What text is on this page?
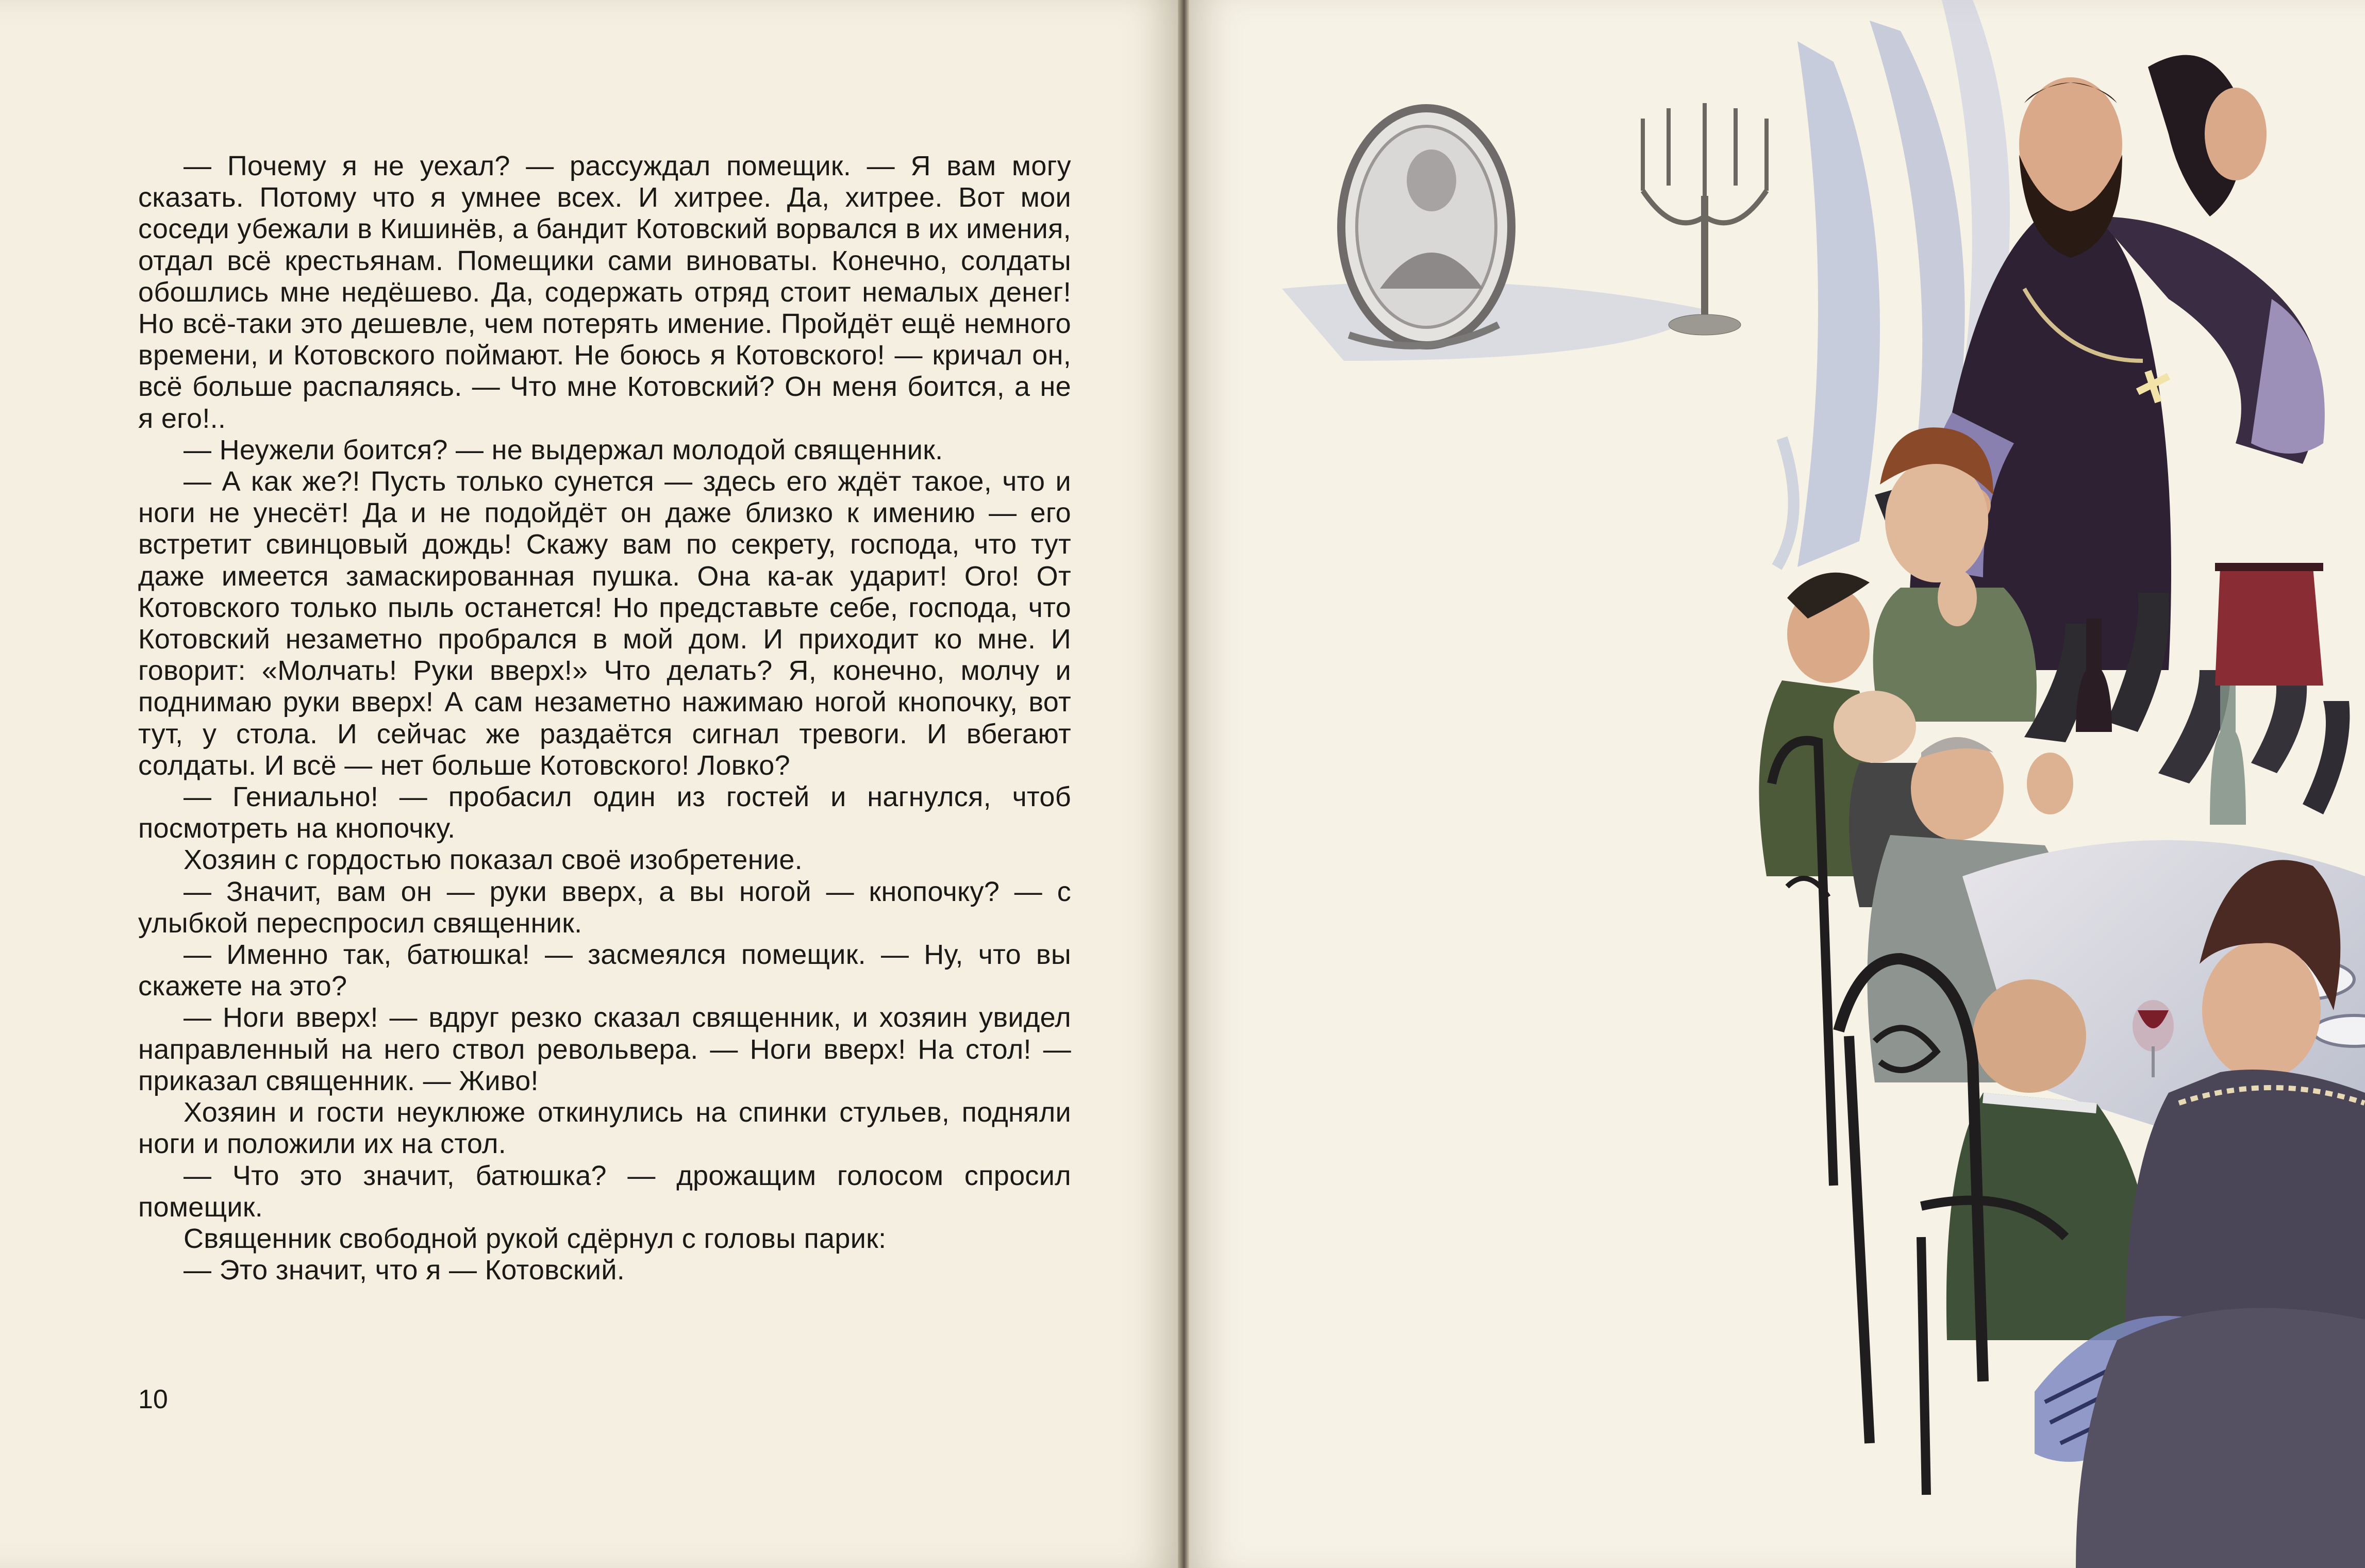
— Почему я не уехал? — рассуждал помещик. — Я вам могу сказать. Потому что я умнее всех. И хитрее. Да, хитрее. Вот мои соседи убежали в Кишинёв, а бандит Котовский ворвался в их имения, отдал всё крестьянам. Помещики сами виноваты. Конечно, солдаты обошлись мне недёшево. Да, содержать отряд стоит немалых денег! Но всё-таки это дешевле, чем потерять имение. Пройдёт ещё немного времени, и Котовского поймают. Не боюсь я Котовского! — кричал он, всё больше распаляясь. — Что мне Котовский? Он меня боится, а не я его!..

— Неужели боится? — не выдержал молодой священник.

— А как же?! Пусть только сунется — здесь его ждёт такое, что и ноги не унесёт! Да и не подойдёт он даже близко к имению — его встретит свинцовый дождь! Скажу вам по секрету, господа, что тут даже имеется замаскированная пушка. Она ка-ак ударит! Ого! От Котовского только пыль останется! Но представьте себе, господа, что Котовский незаметно пробрался в мой дом. И приходит ко мне. И говорит: «Молчать! Руки вверх!» Что делать? Я, конечно, молчу и поднимаю руки вверх! А сам незаметно нажимаю ногой кнопочку, вот тут, у стола. И сейчас же раздаётся сигнал тревоги. И вбегают солдаты. И всё — нет больше Котовского! Ловко?

— Гениально! — пробасил один из гостей и нагнулся, чтоб посмотреть на кнопочку.

Хозяин с гордостью показал своё изобретение.

— Значит, вам он — руки вверх, а вы ногой — кнопочку? — с улыбкой переспросил священник.

— Именно так, батюшка! — засмеялся помещик. — Ну, что вы скажете на это?

— Ноги вверх! — вдруг резко сказал священник, и хозяин увидел направленный на него ствол револьвера. — Ноги вверх! На стол! — приказал священник. — Живо!

Хозяин и гости неуклюже откинулись на спинки стульев, подняли ноги и положили их на стол.

— Что это значит, батюшка? — дрожащим голосом спросил помещик.

Священник свободной рукой сдёрнул с головы парик:

— Это значит, что я — Котовский.

10
